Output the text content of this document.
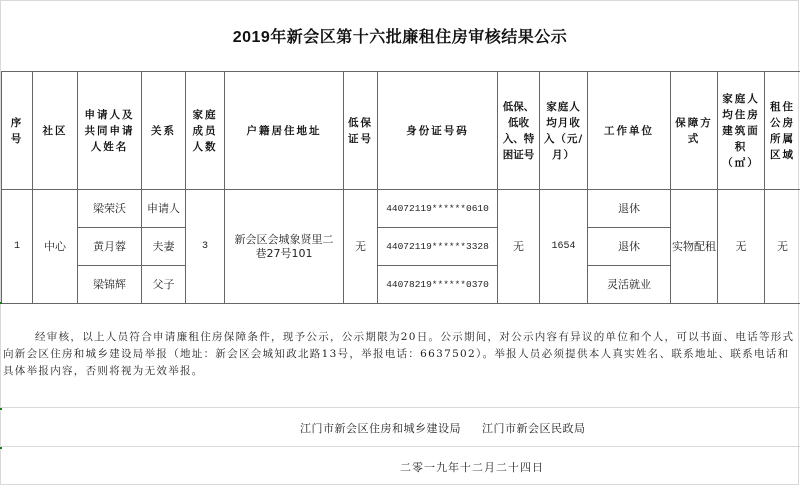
2019年新会区第十六批廉租住房审核结果公示
序号	社区	申请人及共同申请人姓名	关系	家庭成员人数	户籍居住地址	低保证号	身份证号码	低保、低收入、特困证号	家庭人均月收入（元/月）	工作单位	保障方式	家庭人均住房建筑面积（㎡）	租住公房所属区域
1	中心	梁荣沃	申请人	3	新会区会城象贤里二巷27号101	无	44072119******0610	无	1654	退休	实物配租	无	无
		黄月蓉	夫妻				44072119******3328			退休			
		梁锦辉	父子				44078219******0370			灵活就业			

经审核，以上人员符合申请廉租住房保障条件，现予公示，公示期限为20日。公示期间，对公示内容有异议的单位和个人，可以书面、电话等形式向新会区住房和城乡建设局举报（地址：新会区会城知政北路13号，举报电话：6637502）。举报人员必须提供本人真实姓名、联系地址、联系电话和具体举报内容，否则将视为无效举报。

江门市新会区住房和城乡建设局 江门市新会区民政局
二零一九年十二月二十四日
